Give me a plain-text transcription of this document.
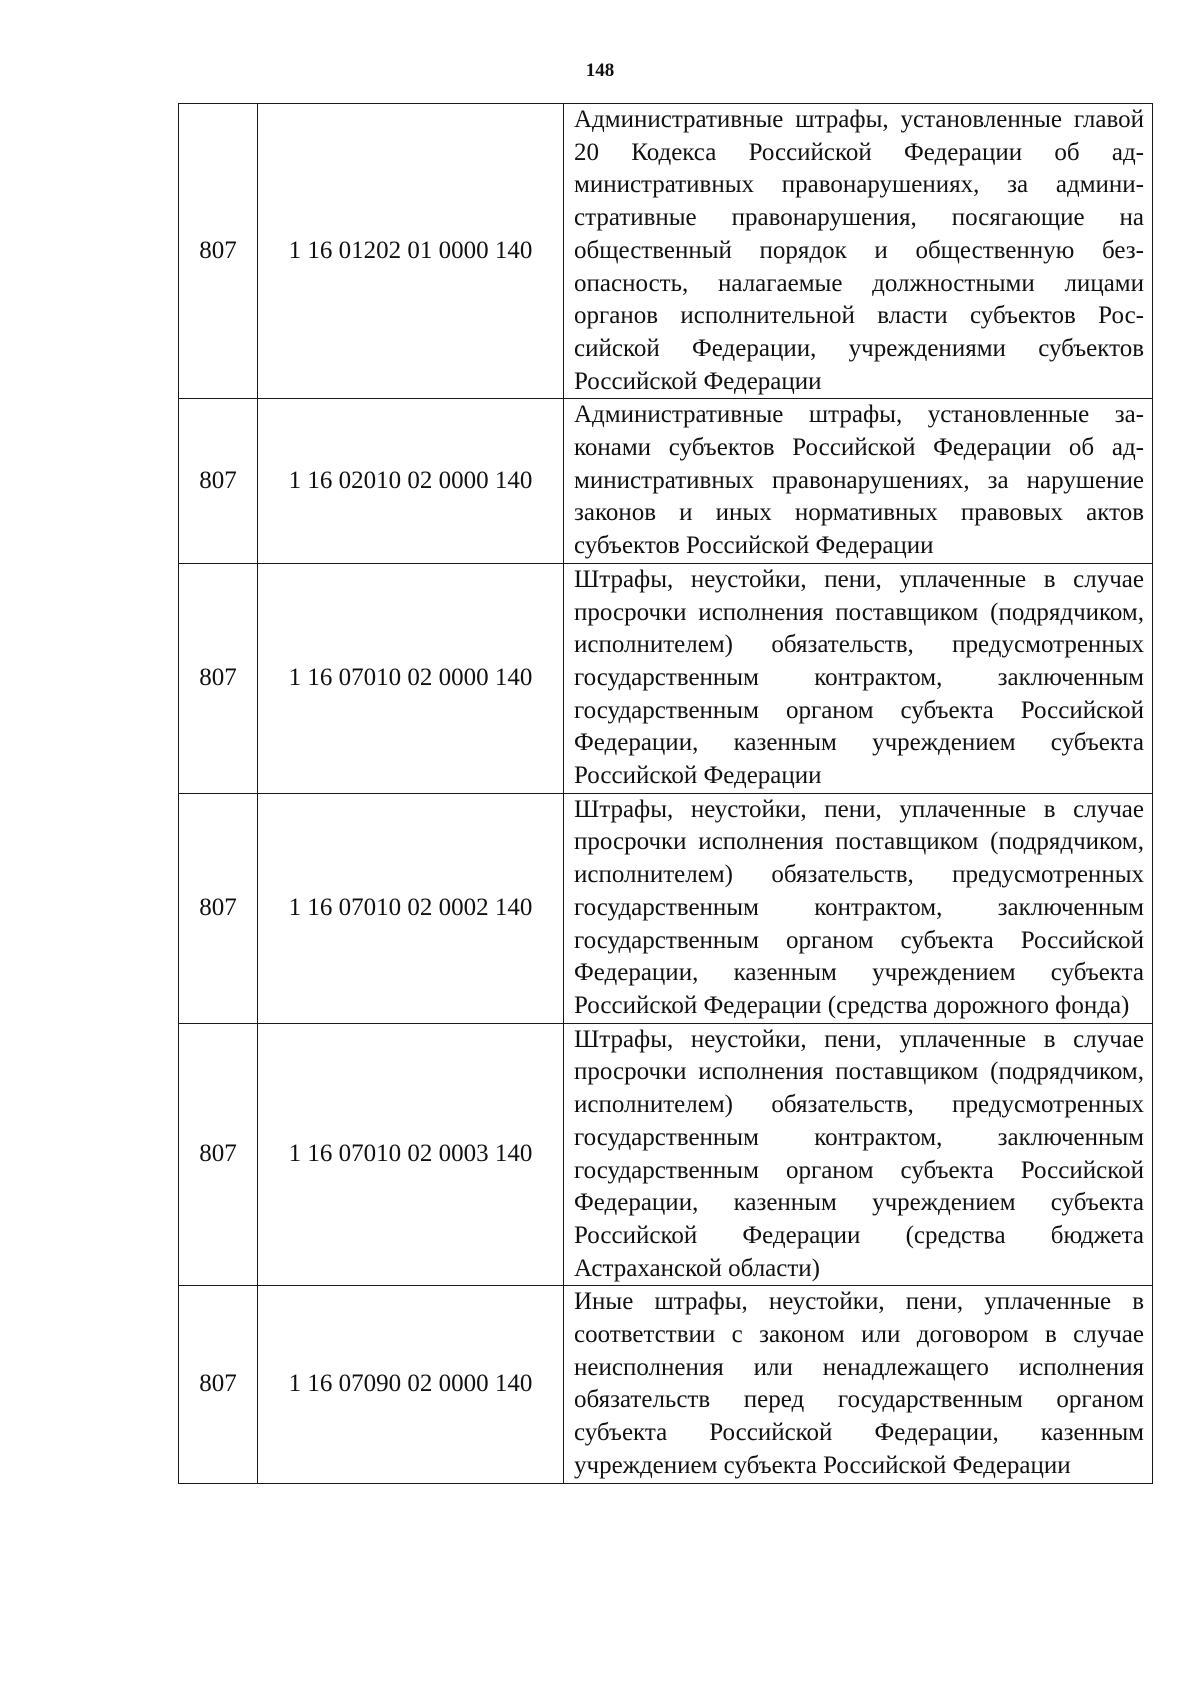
148
807	1 16 01202 01 0000 140	Административные штрафы, установленные главой 20 Кодекса Российской Федерации об административных правонарушениях, за административные правонарушения, посягающие на общественный порядок и общественную безопасность, налагаемые должностными лицами органов исполнительной власти субъектов Российской Федерации, учреждениями субъектов Российской Федерации
807	1 16 02010 02 0000 140	Административные штрафы, установленные законами субъектов Российской Федерации об административных правонарушениях, за нарушение законов и иных нормативных правовых актов субъектов Российской Федерации
807	1 16 07010 02 0000 140	Штрафы, неустойки, пени, уплаченные в случае просрочки исполнения поставщиком (подрядчиком, исполнителем) обязательств, предусмотренных государственным контрактом, заключенным государственным органом субъекта Российской Федерации, казенным учреждением субъекта Российской Федерации
807	1 16 07010 02 0002 140	Штрафы, неустойки, пени, уплаченные в случае просрочки исполнения поставщиком (подрядчиком, исполнителем) обязательств, предусмотренных государственным контрактом, заключенным государственным органом субъекта Российской Федерации, казенным учреждением субъекта Российской Федерации (средства дорожного фонда)
807	1 16 07010 02 0003 140	Штрафы, неустойки, пени, уплаченные в случае просрочки исполнения поставщиком (подрядчиком, исполнителем) обязательств, предусмотренных государственным контрактом, заключенным государственным органом субъекта Российской Федерации, казенным учреждением субъекта Российской Федерации (средства бюджета Астраханской области)
807	1 16 07090 02 0000 140	Иные штрафы, неустойки, пени, уплаченные в соответствии с законом или договором в случае неисполнения или ненадлежащего исполнения обязательств перед государственным органом субъекта Российской Федерации, казенным учреждением субъекта Российской Федерации
